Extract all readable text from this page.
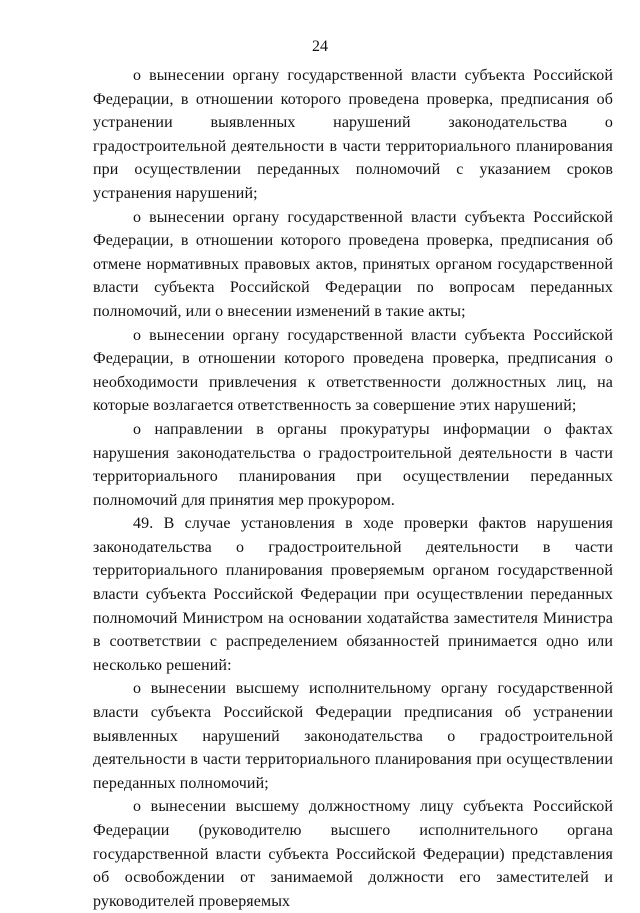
24

о вынесении органу государственной власти субъекта Российской Федерации, в отношении которого проведена проверка, предписания об устранении выявленных нарушений законодательства о градостроительной деятельности в части территориального планирования при осуществлении переданных полномочий с указанием сроков устранения нарушений;

о вынесении органу государственной власти субъекта Российской Федерации, в отношении которого проведена проверка, предписания об отмене нормативных правовых актов, принятых органом государственной власти субъекта Российской Федерации по вопросам переданных полномочий, или о внесении изменений в такие акты;

о вынесении органу государственной власти субъекта Российской Федерации, в отношении которого проведена проверка, предписания о необходимости привлечения к ответственности должностных лиц, на которые возлагается ответственность за совершение этих нарушений;

о направлении в органы прокуратуры информации о фактах нарушения законодательства о градостроительной деятельности в части территориального планирования при осуществлении переданных полномочий для принятия мер прокурором.

49. В случае установления в ходе проверки фактов нарушения законодательства о градостроительной деятельности в части территориального планирования проверяемым органом государственной власти субъекта Российской Федерации при осуществлении переданных полномочий Министром на основании ходатайства заместителя Министра в соответствии с распределением обязанностей принимается одно или несколько решений:

о вынесении высшему исполнительному органу государственной власти субъекта Российской Федерации предписания об устранении выявленных нарушений законодательства о градостроительной деятельности в части территориального планирования при осуществлении переданных полномочий;

о вынесении высшему должностному лицу субъекта Российской Федерации (руководителю высшего исполнительного органа государственной власти субъекта Российской Федерации) представления об освобождении от занимаемой должности его заместителей и руководителей проверяемых
